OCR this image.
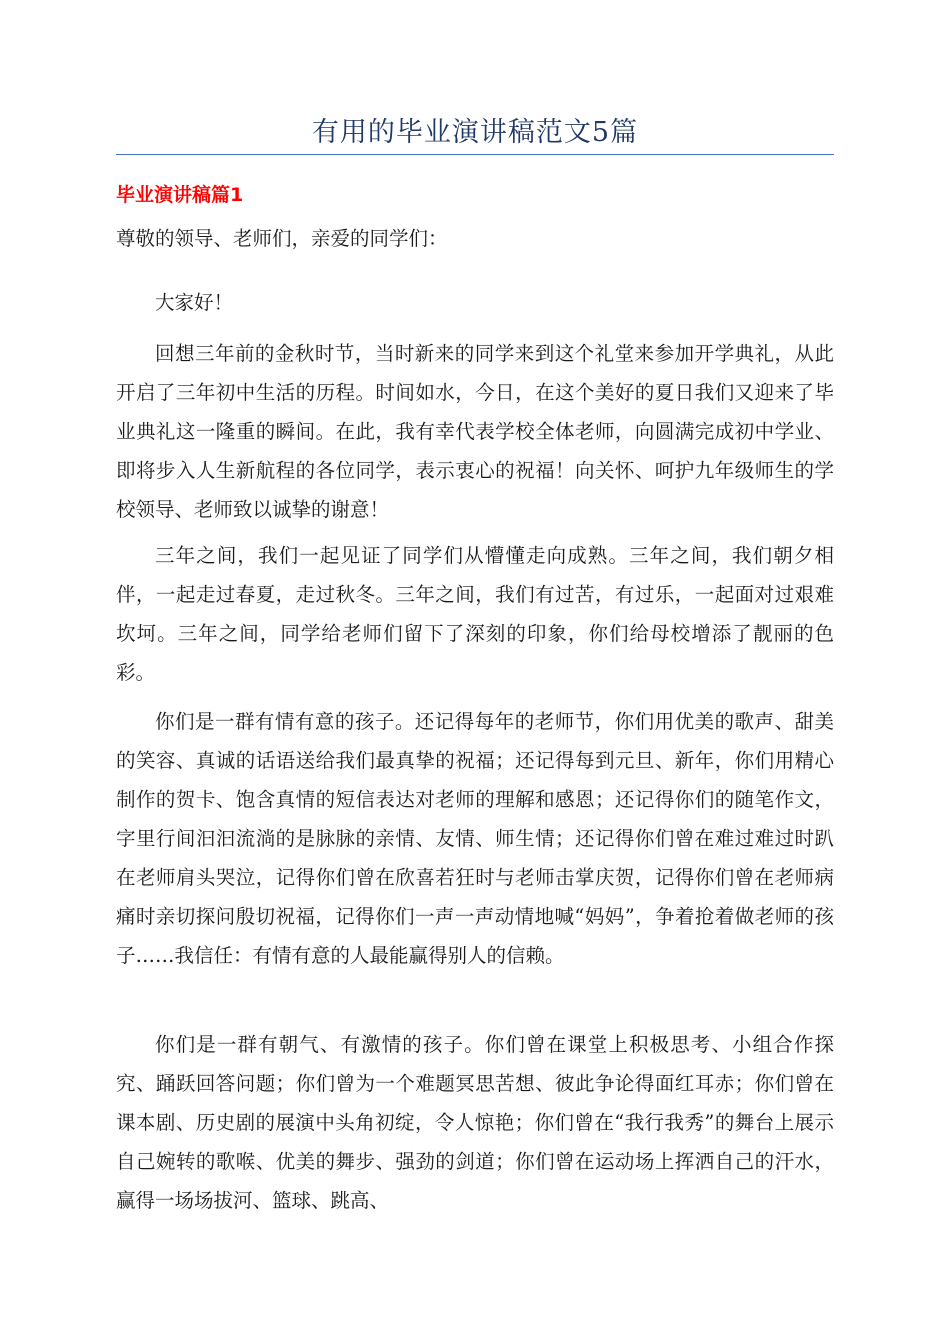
有用的毕业演讲稿范文5篇
毕业演讲稿篇1

尊敬的领导、老师们，亲爱的同学们：

大家好！

回想三年前的金秋时节，当时新来的同学来到这个礼堂来参加开学典礼，从此开启了三年初中生活的历程。时间如水，今日，在这个美好的夏日我们又迎来了毕业典礼这一隆重的瞬间。在此，我有幸代表学校全体老师，向圆满完成初中学业、即将步入人生新航程的各位同学，表示衷心的祝福！向关怀、呵护九年级师生的学校领导、老师致以诚挚的谢意！

三年之间，我们一起见证了同学们从懵懂走向成熟。三年之间，我们朝夕相伴，一起走过春夏，走过秋冬。三年之间，我们有过苦，有过乐，一起面对过艰难坎坷。三年之间，同学给老师们留下了深刻的印象，你们给母校增添了靓丽的色彩。

你们是一群有情有意的孩子。还记得每年的老师节，你们用优美的歌声、甜美的笑容、真诚的话语送给我们最真挚的祝福；还记得每到元旦、新年，你们用精心制作的贺卡、饱含真情的短信表达对老师的理解和感恩；还记得你们的随笔作文，字里行间汩汩流淌的是脉脉的亲情、友情、师生情；还记得你们曾在难过难过时趴在老师肩头哭泣，记得你们曾在欣喜若狂时与老师击掌庆贺，记得你们曾在老师病痛时亲切探问殷切祝福，记得你们一声一声动情地喊“妈妈”，争着抢着做老师的孩子……我信任：有情有意的人最能赢得别人的信赖。

你们是一群有朝气、有激情的孩子。你们曾在课堂上积极思考、小组合作探究、踊跃回答问题；你们曾为一个难题冥思苦想、彼此争论得面红耳赤；你们曾在课本剧、历史剧的展演中头角初绽，令人惊艳；你们曾在“我行我秀”的舞台上展示自己婉转的歌喉、优美的舞步、强劲的剑道；你们曾在运动场上挥洒自己的汗水，赢得一场场拔河、篮球、跳高、
